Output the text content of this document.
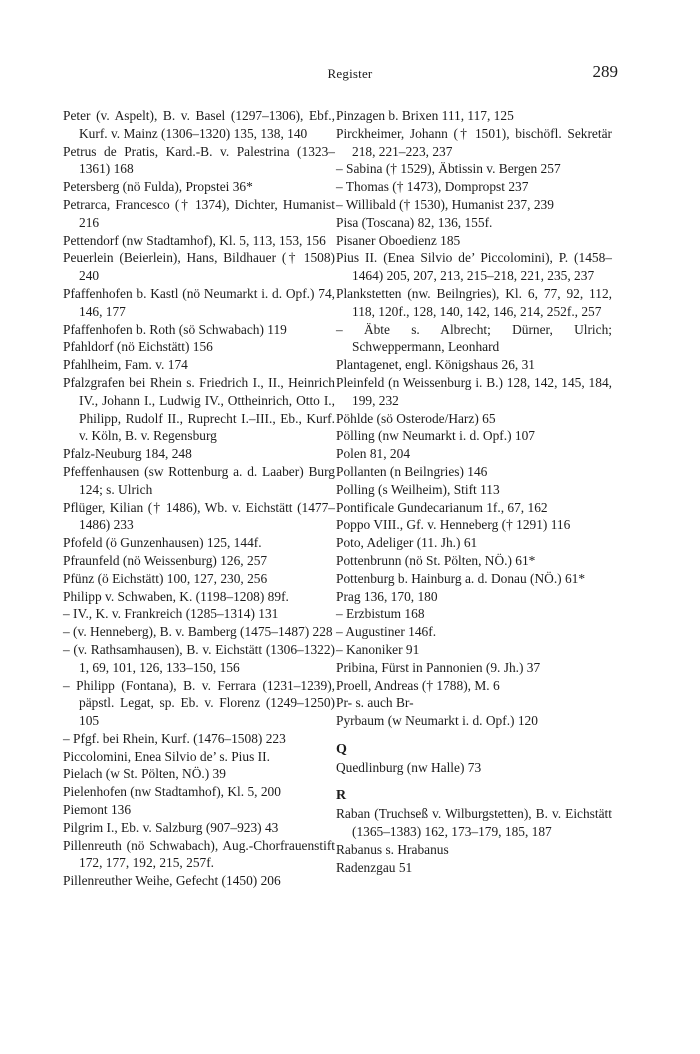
Register	289

Peter (v. Aspelt), B. v. Basel (1297–1306), Ebf., Kurf. v. Mainz (1306–1320) 135, 138, 140

Petrus de Pratis, Kard.-B. v. Palestrina (1323–1361) 168

Petersberg (nö Fulda), Propstei 36*

Petrarca, Francesco († 1374), Dichter, Humanist 216

Pettendorf (nw Stadtamhof), Kl. 5, 113, 153, 156

Peuerlein (Beierlein), Hans, Bildhauer († 1508) 240

Pfaffenhofen b. Kastl (nö Neumarkt i. d. Opf.) 74, 146, 177

Pfaffenhofen b. Roth (sö Schwabach) 119

Pfahldorf (nö Eichstätt) 156

Pfahlheim, Fam. v. 174

Pfalzgrafen bei Rhein s. Friedrich I., II., Heinrich IV., Johann I., Ludwig IV., Ottheinrich, Otto I., Philipp, Rudolf II., Ruprecht I.–III., Eb., Kurf. v. Köln, B. v. Regensburg

Pfalz-Neuburg 184, 248

Pfeffenhausen (sw Rottenburg a. d. Laaber) Burg 124; s. Ulrich

Pflüger, Kilian († 1486), Wb. v. Eichstätt (1477–1486) 233

Pfofeld (ö Gunzenhausen) 125, 144f.

Pfraunfeld (nö Weissenburg) 126, 257

Pfünz (ö Eichstätt) 100, 127, 230, 256

Philipp v. Schwaben, K. (1198–1208) 89f.

– IV., K. v. Frankreich (1285–1314) 131

– (v. Henneberg), B. v. Bamberg (1475–1487) 228

– (v. Rathsamhausen), B. v. Eichstätt (1306–1322) 1, 69, 101, 126, 133–150, 156

– Philipp (Fontana), B. v. Ferrara (1231–1239), päpstl. Legat, sp. Eb. v. Florenz (1249–1250) 105

– Pfgf. bei Rhein, Kurf. (1476–1508) 223

Piccolomini, Enea Silvio de’ s. Pius II.

Pielach (w St. Pölten, NÖ.) 39

Pielenhofen (nw Stadtamhof), Kl. 5, 200

Piemont 136

Pilgrim I., Eb. v. Salzburg (907–923) 43

Pillenreuth (nö Schwabach), Aug.-Chorfrauenstift 172, 177, 192, 215, 257f.

Pillenreuther Weihe, Gefecht (1450) 206

Pinzagen b. Brixen 111, 117, 125

Pirckheimer, Johann († 1501), bischöfl. Sekretär 218, 221–223, 237

– Sabina († 1529), Äbtissin v. Bergen 257

– Thomas († 1473), Dompropst 237

– Willibald († 1530), Humanist 237, 239

Pisa (Toscana) 82, 136, 155f.

Pisaner Oboedienz 185

Pius II. (Enea Silvio de’ Piccolomini), P. (1458–1464) 205, 207, 213, 215–218, 221, 235, 237

Plankstetten (nw. Beilngries), Kl. 6, 77, 92, 112, 118, 120f., 128, 140, 142, 146, 214, 252f., 257

– Äbte s. Albrecht; Dürner, Ulrich; Schweppermann, Leonhard

Plantagenet, engl. Königshaus 26, 31

Pleinfeld (n Weissenburg i. B.) 128, 142, 145, 184, 199, 232

Pöhlde (sö Osterode/Harz) 65

Pölling (nw Neumarkt i. d. Opf.) 107

Polen 81, 204

Pollanten (n Beilngries) 146

Polling (s Weilheim), Stift 113

Pontificale Gundecarianum 1f., 67, 162

Poppo VIII., Gf. v. Henneberg († 1291) 116

Poto, Adeliger (11. Jh.) 61

Pottenbrunn (nö St. Pölten, NÖ.) 61*

Pottenburg b. Hainburg a. d. Donau (NÖ.) 61*

Prag 136, 170, 180

– Erzbistum 168

– Augustiner 146f.

– Kanoniker 91

Pribina, Fürst in Pannonien (9. Jh.) 37

Proell, Andreas († 1788), M. 6

Pr- s. auch Br-

Pyrbaum (w Neumarkt i. d. Opf.) 120

Q

Quedlinburg (nw Halle) 73

R

Raban (Truchseß v. Wilburgstetten), B. v. Eichstätt (1365–1383) 162, 173–179, 185, 187

Rabanus s. Hrabanus

Radenzgau 51
